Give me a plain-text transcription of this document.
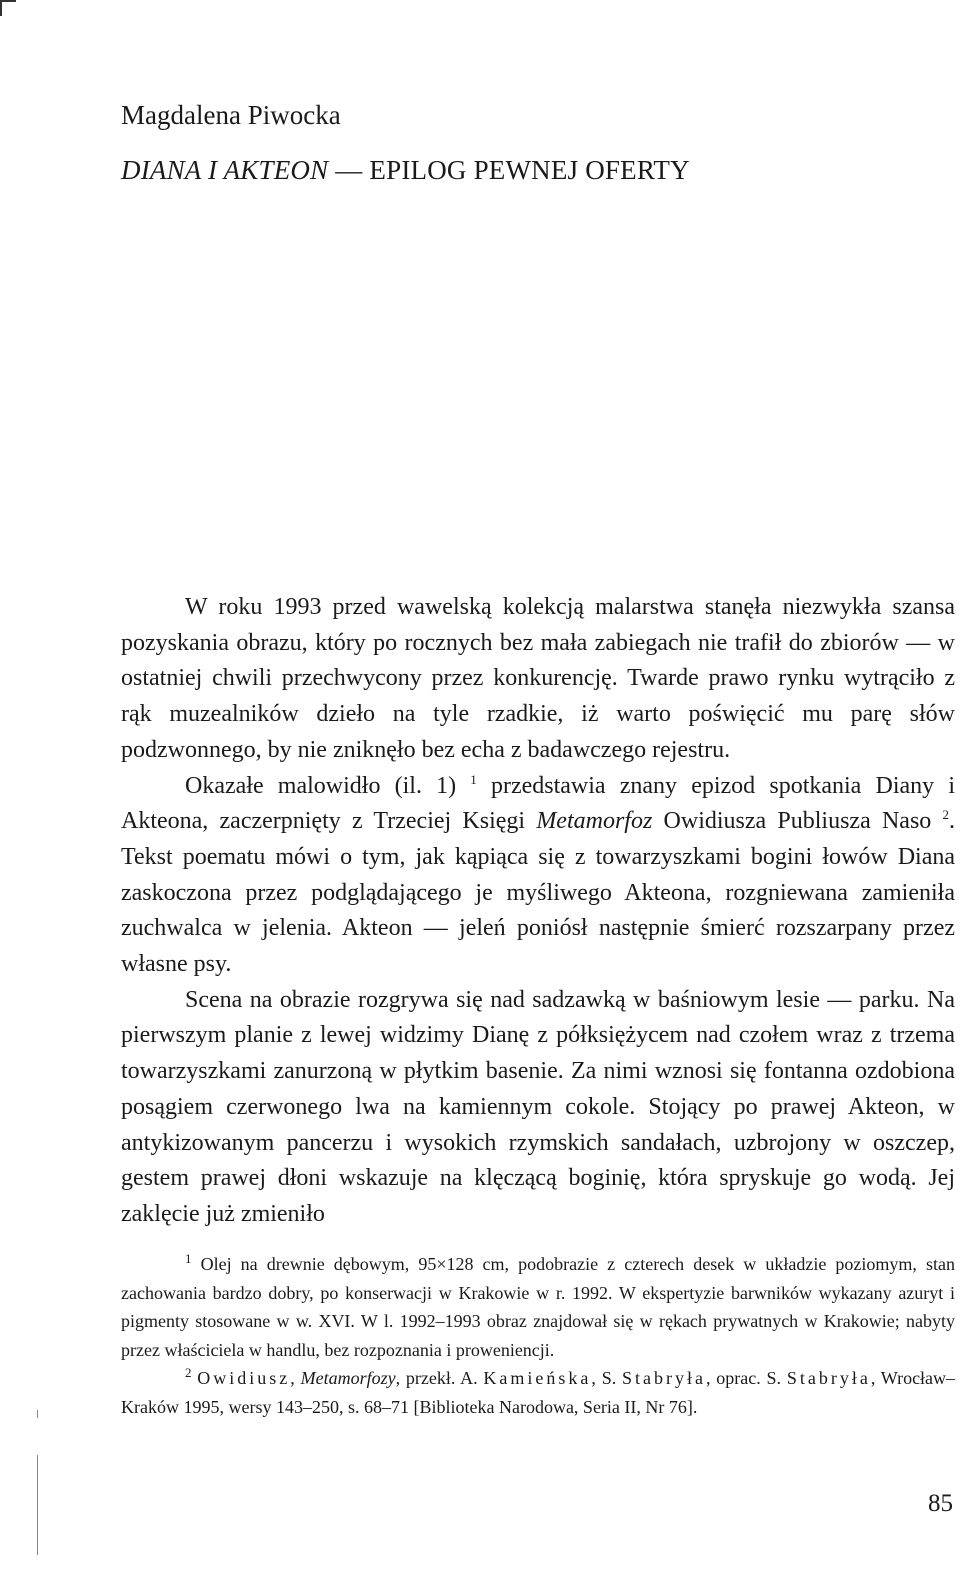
Magdalena Piwocka
DIANA I AKTEON — EPILOG PEWNEJ OFERTY

W roku 1993 przed wawelską kolekcją malarstwa stanęła niezwykła szansa pozyskania obrazu, który po rocznych bez mała zabiegach nie trafił do zbiorów — w ostatniej chwili przechwycony przez konkurencję. Twarde prawo rynku wytrąciło z rąk muzealników dzieło na tyle rzadkie, iż warto poświęcić mu parę słów podzwonnego, by nie zniknęło bez echa z badawczego rejestru.

Okazałe malowidło (il. 1) $^1$ przedstawia znany epizod spotkania Diany i Akteona, zaczerpnięty z Trzeciej Księgi Metamorfoz Owidiusza Publiusza Naso $^2$. Tekst poematu mówi o tym, jak kąpiąca się z towarzyszkami bogini łowów Diana zaskoczona przez podglądającego je myśliwego Akteona, rozgniewana zamieniła zuchwalca w jelenia. Akteon — jeleń poniósł następnie śmierć rozszarpany przez własne psy.

Scena na obrazie rozgrywa się nad sadzawką w baśniowym lesie — parku. Na pierwszym planie z lewej widzimy Dianę z półksiężycem nad czołem wraz z trzema towarzyszkami zanurzoną w płytkim basenie. Za nimi wznosi się fontanna ozdobiona posągiem czerwonego lwa na kamiennym cokole. Stojący po prawej Akteon, w antykizowanym pancerzu i wysokich rzymskich sandałach, uzbrojony w oszczep, gestem prawej dłoni wskazuje na klęczącą boginię, która spryskuje go wodą. Jej zaklęcie już zmieniło

$^1$ Olej na drewnie dębowym, 95×128 cm, podobrazie z czterech desek w układzie poziomym, stan zachowania bardzo dobry, po konserwacji w Krakowie w r. 1992. W ekspertyzie barwników wykazany azuryt i pigmenty stosowane w w. XVI. W l. 1992–1993 obraz znajdował się w rękach prywatnych w Krakowie; nabyty przez właściciela w handlu, bez rozpoznania i proweniencji.

$^2$ Owidiusz, Metamorfozy, przekł. A. Kamieńska, S. Stabryła, oprac. S. Stabryła, Wrocław–Kraków 1995, wersy 143–250, s. 68–71 [Biblioteka Narodowa, Seria II, Nr 76].

85
